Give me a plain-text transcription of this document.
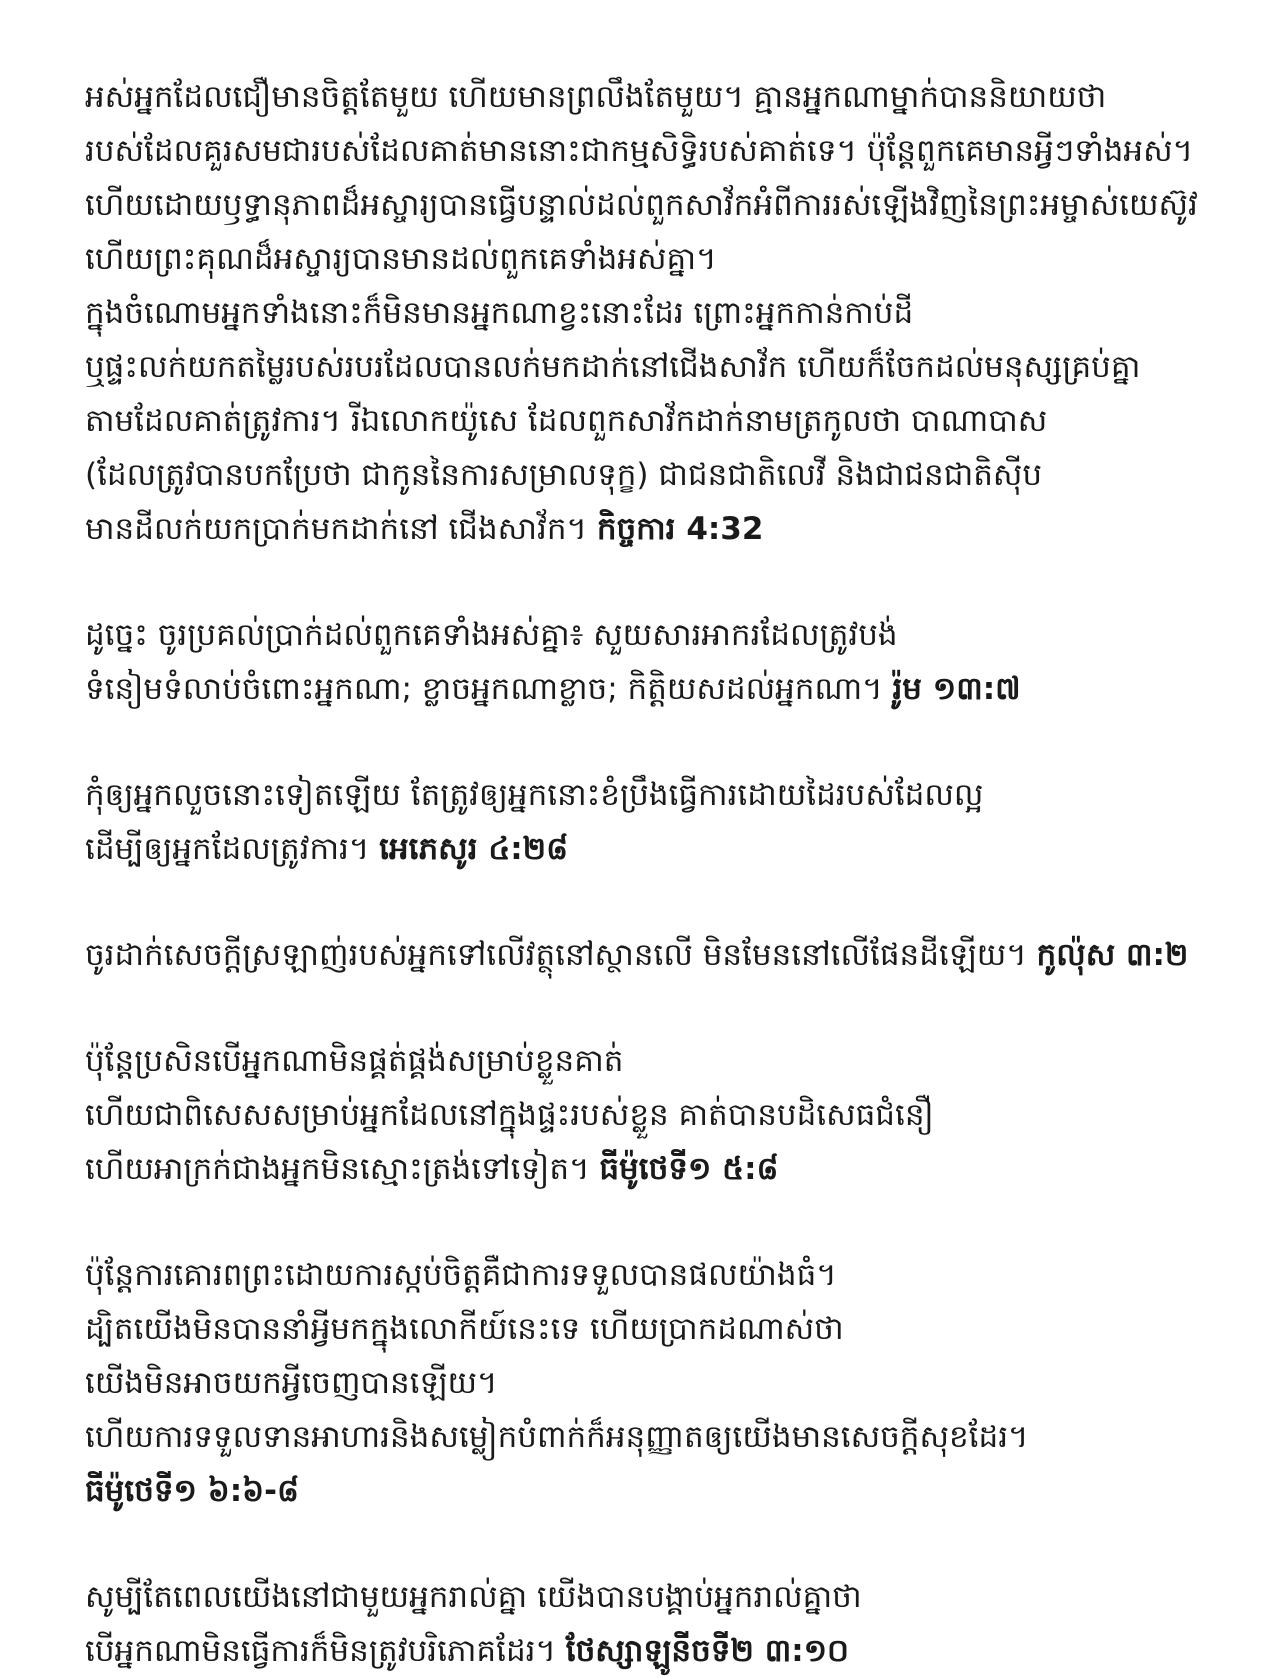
អស់អ្នកដែលជឿមានចិត្តតែមួយ ហើយមានព្រលឹងតែមួយ។ គ្មានអ្នកណាម្នាក់បាននិយាយថា
របស់ដែលគួរសមជារបស់ដែលគាត់មាននោះជាកម្មសិទ្ធិរបស់គាត់ទេ។ ប៉ុន្តែពួកគេមានអ្វីៗទាំងអស់។
ហើយដោយឫទ្ធានុភាពដ៏អស្ចារ្យបានធ្វើបន្ទាល់ដល់ពួកសាវ័កអំពីការរស់ឡើងវិញនៃព្រះអម្ចាស់យេស៊ូវ
ហើយព្រះគុណដ៏អស្ចារ្យបានមានដល់ពួកគេទាំងអស់គ្នា។
ក្នុងចំណោមអ្នកទាំងនោះក៏មិនមានអ្នកណាខ្វះនោះដែរ ព្រោះអ្នកកាន់កាប់ដី
ឬផ្ទះលក់យកតម្លៃរបស់របរដែលបានលក់មកដាក់នៅជើងសាវ័ក ហើយក៏ចែកដល់មនុស្សគ្រប់គ្នា
តាមដែលគាត់ត្រូវការ។ រីឯលោកយ៉ូសេ ដែលពួកសាវ័កដាក់នាមត្រកូលថា បាណាបាស
(ដែលត្រូវបានបកប្រែថា ជាកូននៃការសម្រាលទុក្ខ) ជាជនជាតិលេវី និងជាជនជាតិស៊ីប
មានដីលក់យកប្រាក់មកដាក់នៅ ជើងសាវ័ក។ កិច្ចការ 4:32
ដូច្នេះ ចូរប្រគល់ប្រាក់ដល់ពួកគេទាំងអស់គ្នា៖ សួយសារអាករដែលត្រូវបង់
ទំនៀមទំលាប់ចំពោះអ្នកណា; ខ្លាចអ្នកណាខ្លាច; កិត្តិយសដល់អ្នកណា។ រ៉ូម ១៣:៧
កុំឲ្យអ្នកលួចនោះទៀតឡើយ តែត្រូវឲ្យអ្នកនោះខំប្រឹងធ្វើការដោយដៃរបស់ដែលល្អ
ដើម្បីឲ្យអ្នកដែលត្រូវការ។ អេភេសូរ ៤:២៨
ចូរដាក់សេចក្តីស្រឡាញ់របស់អ្នកទៅលើវត្ថុនៅស្ថានលើ មិនមែននៅលើផែនដីឡើយ។ កូល៉ុស ៣:២
ប៉ុន្តែប្រសិនបើអ្នកណាមិនផ្គត់ផ្គង់សម្រាប់ខ្លួនគាត់
ហើយជាពិសេសសម្រាប់អ្នកដែលនៅក្នុងផ្ទះរបស់ខ្លួន គាត់បានបដិសេធជំនឿ
ហើយអាក្រក់ជាងអ្នកមិនស្មោះត្រង់ទៅទៀត។ ធីម៉ូថេទី១ ៥:៨
ប៉ុន្តែការគោរពព្រះដោយការស្កប់ចិត្តគឺជាការទទួលបានផលយ៉ាងធំ។
ដ្បិតយើងមិនបាននាំអ្វីមកក្នុងលោកីយ៍នេះទេ ហើយប្រាកដណាស់ថា
យើងមិនអាចយកអ្វីចេញបានឡើយ។
ហើយការទទួលទានអាហារនិងសម្លៀកបំពាក់ក៏អនុញ្ញាតឲ្យយើងមានសេចក្តីសុខដែរ។
ធីម៉ូថេទី១ ៦:៦-៨
សូម្បីតែពេលយើងនៅជាមួយអ្នករាល់គ្នា យើងបានបង្គាប់អ្នករាល់គ្នាថា
បើអ្នកណាមិនធ្វើការក៏មិនត្រូវបរិភោគដែរ។ ថែស្សាឡូនីចទី២ ៣:១០
